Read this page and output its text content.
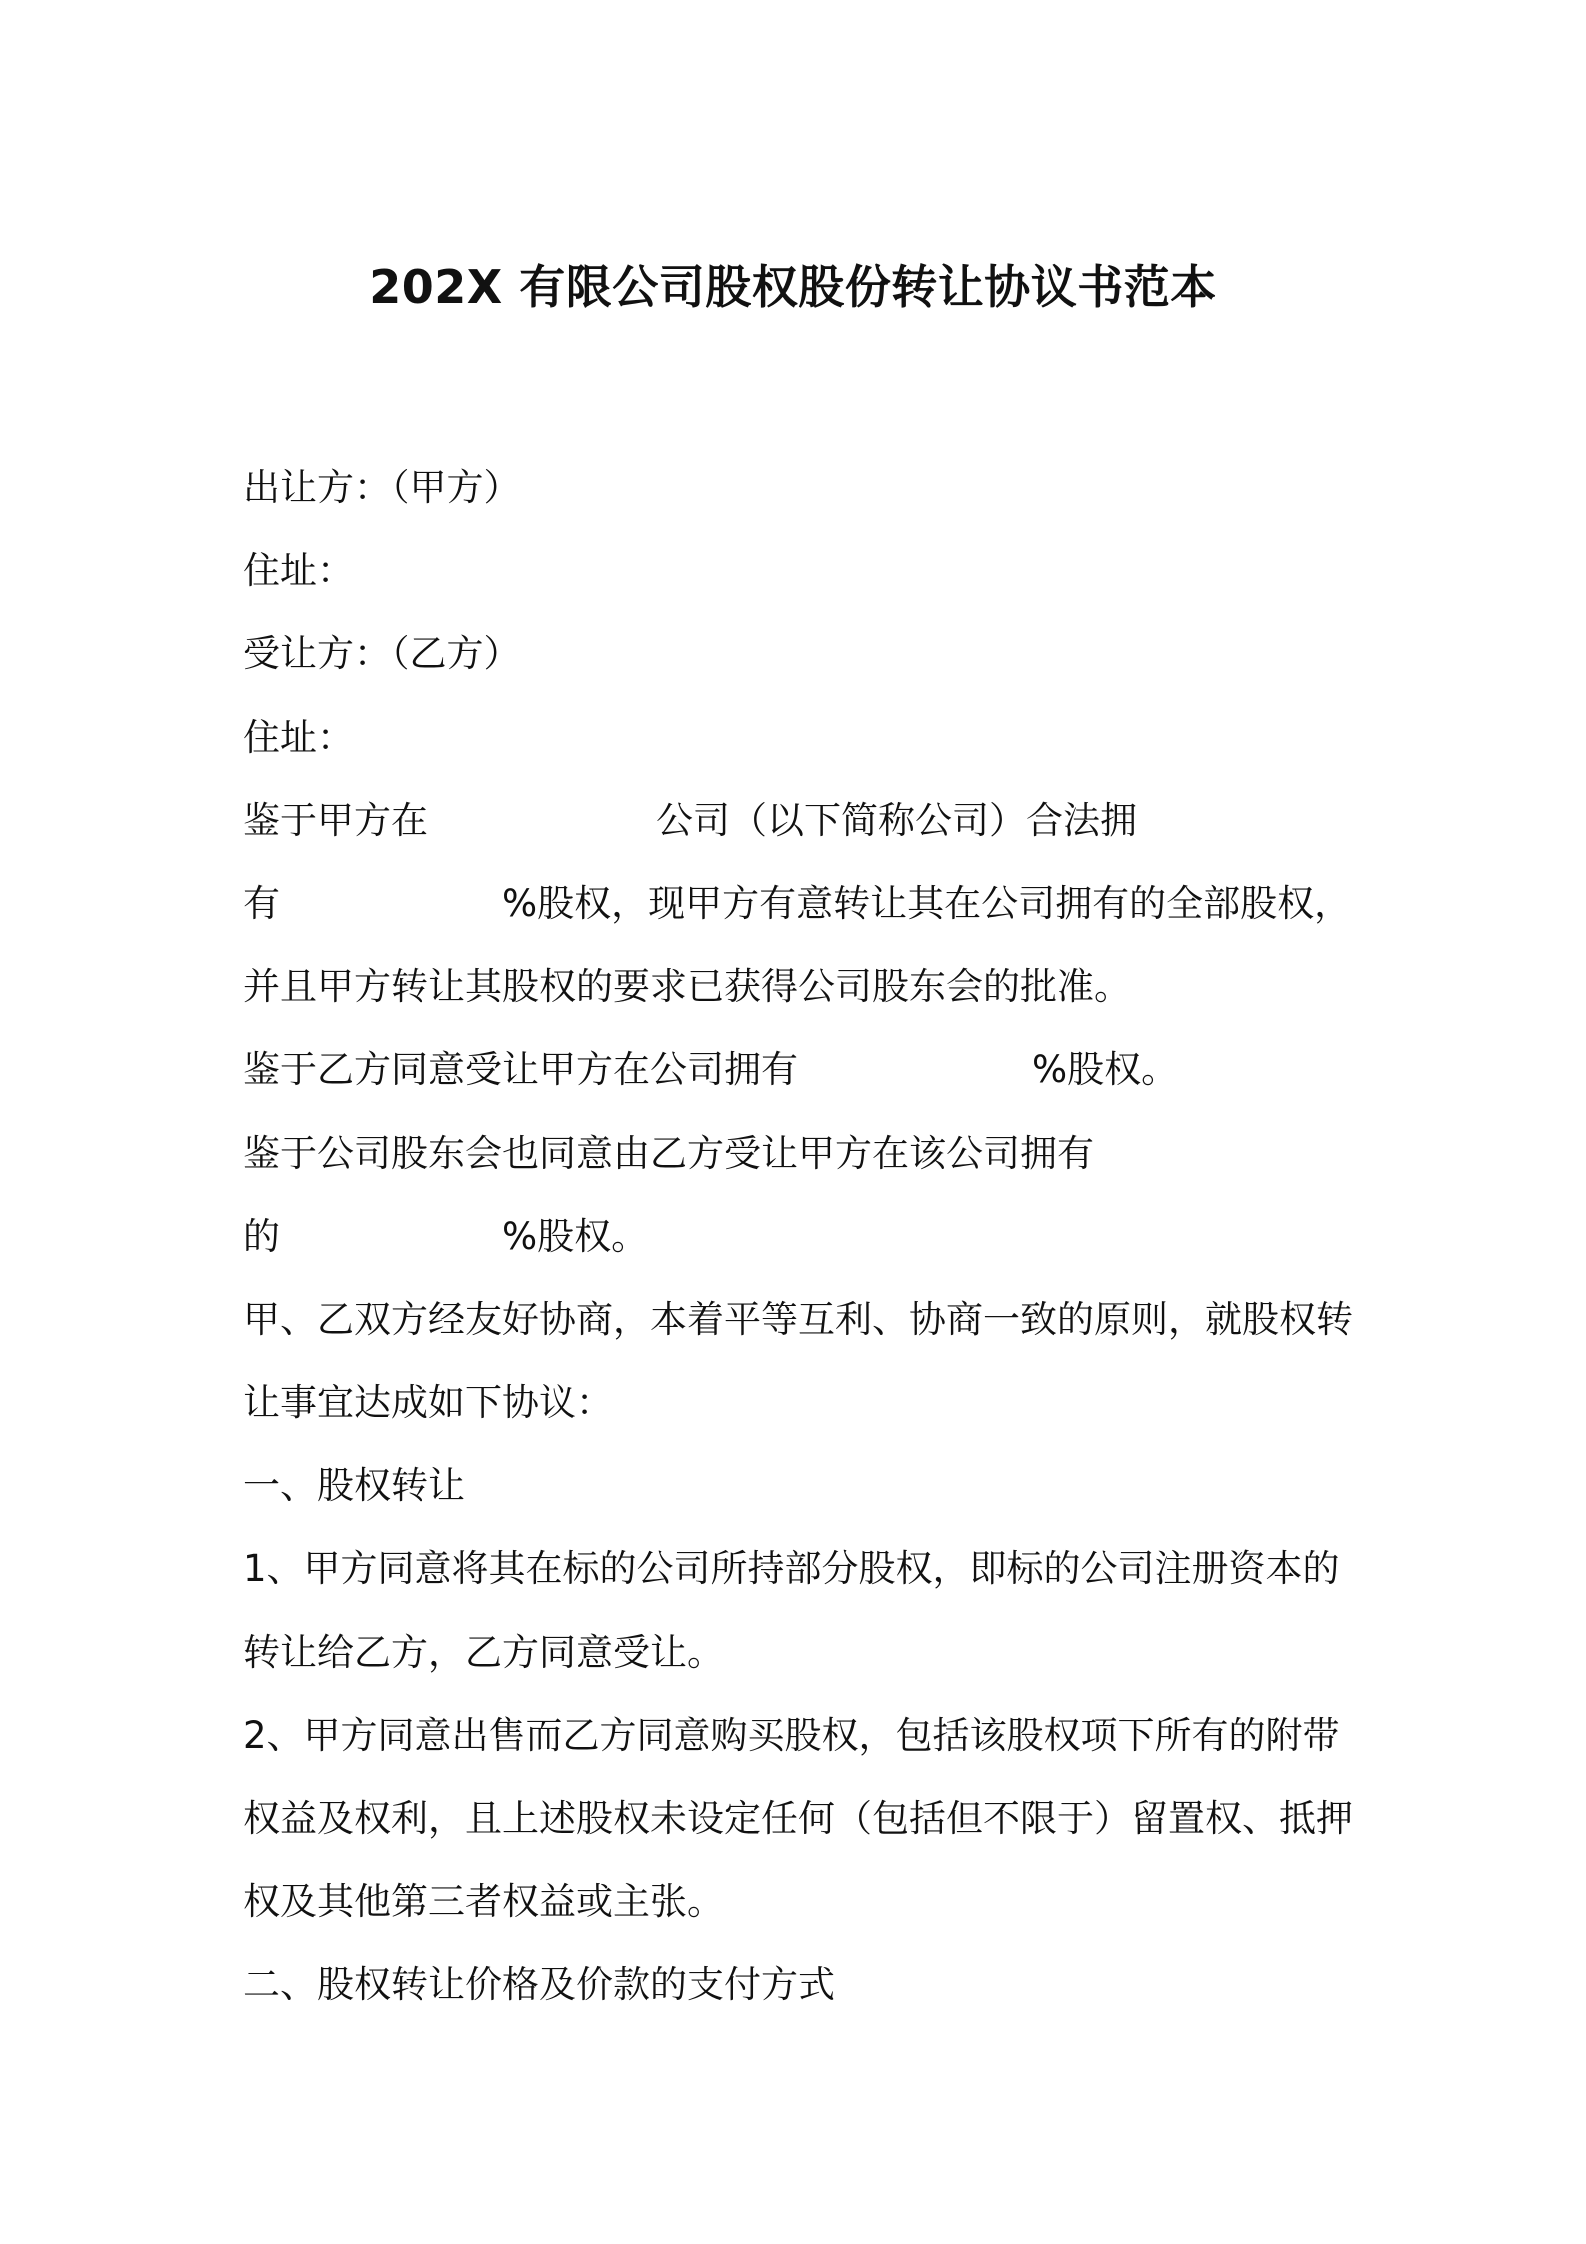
202X 有限公司股权股份转让协议书范本
出让方：（甲方）
住址：
受让方：（乙方）
住址：
鉴于甲方在	公司（以下简称公司）合法拥
有	%股权，现甲方有意转让其在公司拥有的全部股权，
并且甲方转让其股权的要求已获得公司股东会的批准。
鉴于乙方同意受让甲方在公司拥有	%股权。
鉴于公司股东会也同意由乙方受让甲方在该公司拥有
的	%股权。
甲、乙双方经友好协商，本着平等互利、协商一致的原则，就股权转
让事宜达成如下协议：
一、股权转让
1、甲方同意将其在标的公司所持部分股权，即标的公司注册资本的
转让给乙方，乙方同意受让。
2、甲方同意出售而乙方同意购买股权，包括该股权项下所有的附带
权益及权利，且上述股权未设定任何（包括但不限于）留置权、抵押
权及其他第三者权益或主张。
二、股权转让价格及价款的支付方式
